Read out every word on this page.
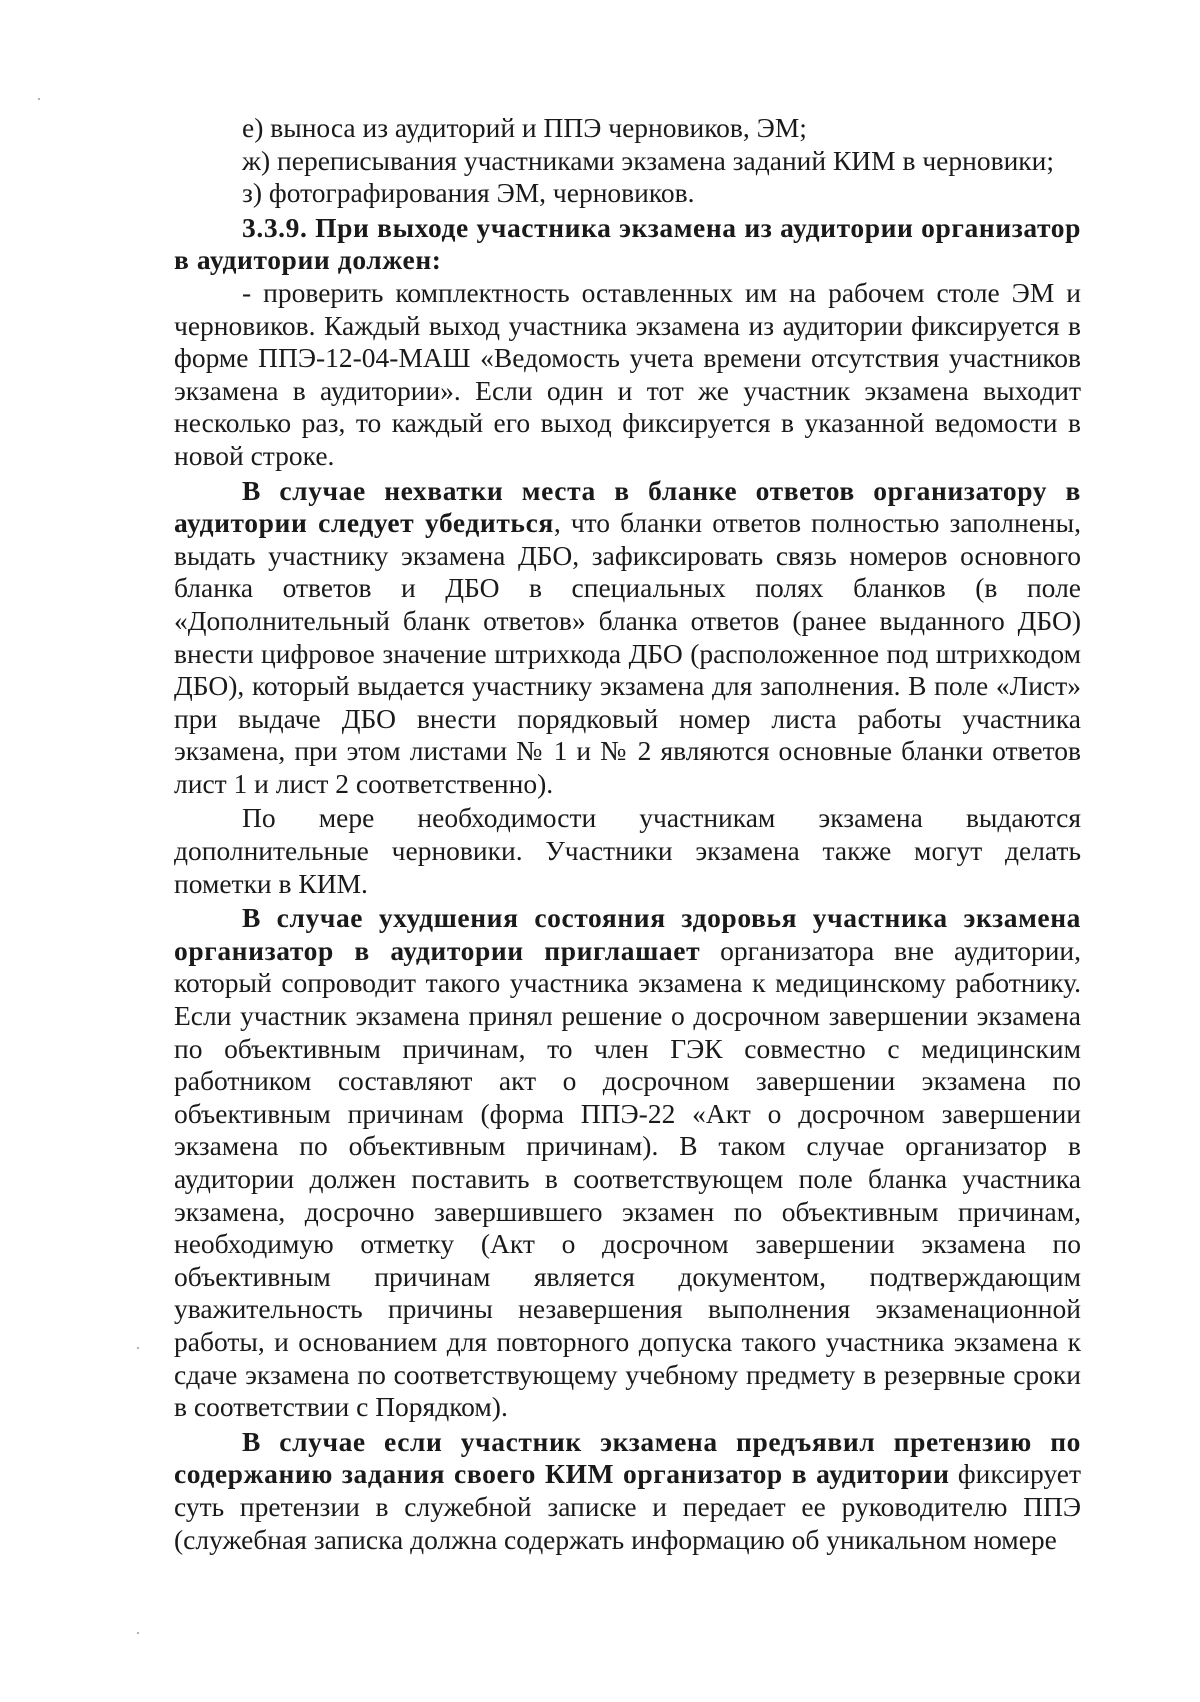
е) выноса из аудиторий и ППЭ черновиков, ЭМ;

ж) переписывания участниками экзамена заданий КИМ в черновики;

з) фотографирования ЭМ, черновиков.

3.3.9. При выходе участника экзамена из аудитории организатор в аудитории должен:

- проверить комплектность оставленных им на рабочем столе ЭМ и черновиков. Каждый выход участника экзамена из аудитории фиксируется в форме ППЭ-12-04-МАШ «Ведомость учета времени отсутствия участников экзамена в аудитории». Если один и тот же участник экзамена выходит несколько раз, то каждый его выход фиксируется в указанной ведомости в новой строке.

В случае нехватки места в бланке ответов организатору в аудитории следует убедиться, что бланки ответов полностью заполнены, выдать участнику экзамена ДБО, зафиксировать связь номеров основного бланка ответов и ДБО в специальных полях бланков (в поле «Дополнительный бланк ответов» бланка ответов (ранее выданного ДБО) внести цифровое значение штрихкода ДБО (расположенное под штрихкодом ДБО), который выдается участнику экзамена для заполнения. В поле «Лист» при выдаче ДБО внести порядковый номер листа работы участника экзамена, при этом листами № 1 и № 2 являются основные бланки ответов лист 1 и лист 2 соответственно).

По мере необходимости участникам экзамена выдаются дополнительные черновики. Участники экзамена также могут делать пометки в КИМ.

В случае ухудшения состояния здоровья участника экзамена организатор в аудитории приглашает организатора вне аудитории, который сопроводит такого участника экзамена к медицинскому работнику. Если участник экзамена принял решение о досрочном завершении экзамена по объективным причинам, то член ГЭК совместно с медицинским работником составляют акт о досрочном завершении экзамена по объективным причинам (форма ППЭ-22 «Акт о досрочном завершении экзамена по объективным причинам). В таком случае организатор в аудитории должен поставить в соответствующем поле бланка участника экзамена, досрочно завершившего экзамен по объективным причинам, необходимую отметку (Акт о досрочном завершении экзамена по объективным причинам является документом, подтверждающим уважительность причины незавершения выполнения экзаменационной работы, и основанием для повторного допуска такого участника экзамена к сдаче экзамена по соответствующему учебному предмету в резервные сроки в соответствии с Порядком).

В случае если участник экзамена предъявил претензию по содержанию задания своего КИМ организатор в аудитории фиксирует суть претензии в служебной записке и передает ее руководителю ППЭ (служебная записка должна содержать информацию об уникальном номере
